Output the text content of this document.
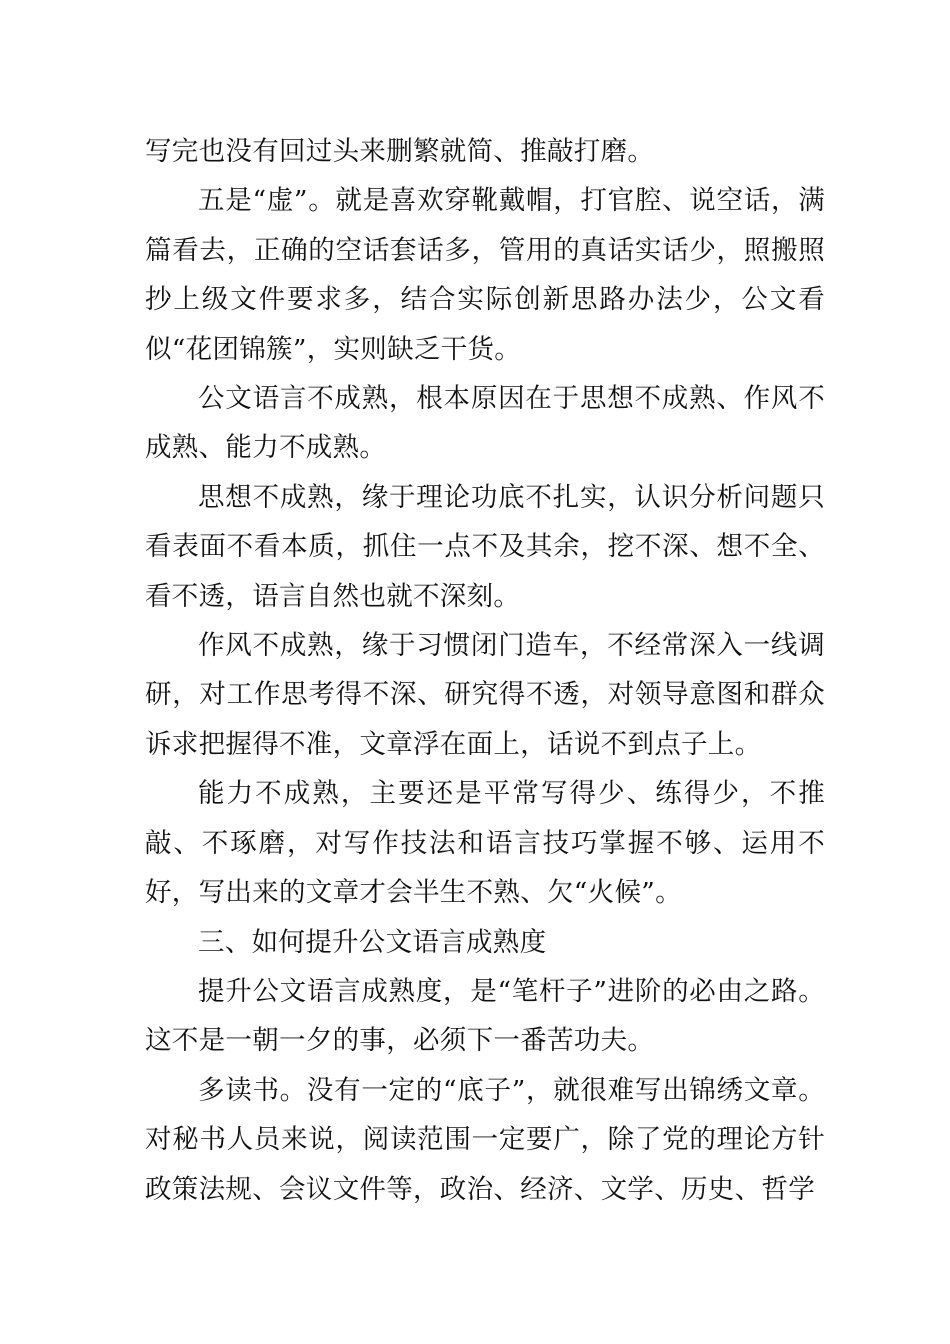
写完也没有回过头来删繁就简、推敲打磨。

五是“虚”。就是喜欢穿靴戴帽，打官腔、说空话，满篇看去，正确的空话套话多，管用的真话实话少，照搬照抄上级文件要求多，结合实际创新思路办法少，公文看似“花团锦簇”，实则缺乏干货。

公文语言不成熟，根本原因在于思想不成熟、作风不成熟、能力不成熟。

思想不成熟，缘于理论功底不扎实，认识分析问题只看表面不看本质，抓住一点不及其余，挖不深、想不全、看不透，语言自然也就不深刻。

作风不成熟，缘于习惯闭门造车，不经常深入一线调研，对工作思考得不深、研究得不透，对领导意图和群众诉求把握得不准，文章浮在面上，话说不到点子上。

能力不成熟，主要还是平常写得少、练得少，不推敲、不琢磨，对写作技法和语言技巧掌握不够、运用不好，写出来的文章才会半生不熟、欠“火候”。

三、如何提升公文语言成熟度

提升公文语言成熟度，是“笔杆子”进阶的必由之路。这不是一朝一夕的事，必须下一番苦功夫。

多读书。没有一定的“底子”，就很难写出锦绣文章。对秘书人员来说，阅读范围一定要广，除了党的理论方针政策法规、会议文件等，政治、经济、文学、历史、哲学
